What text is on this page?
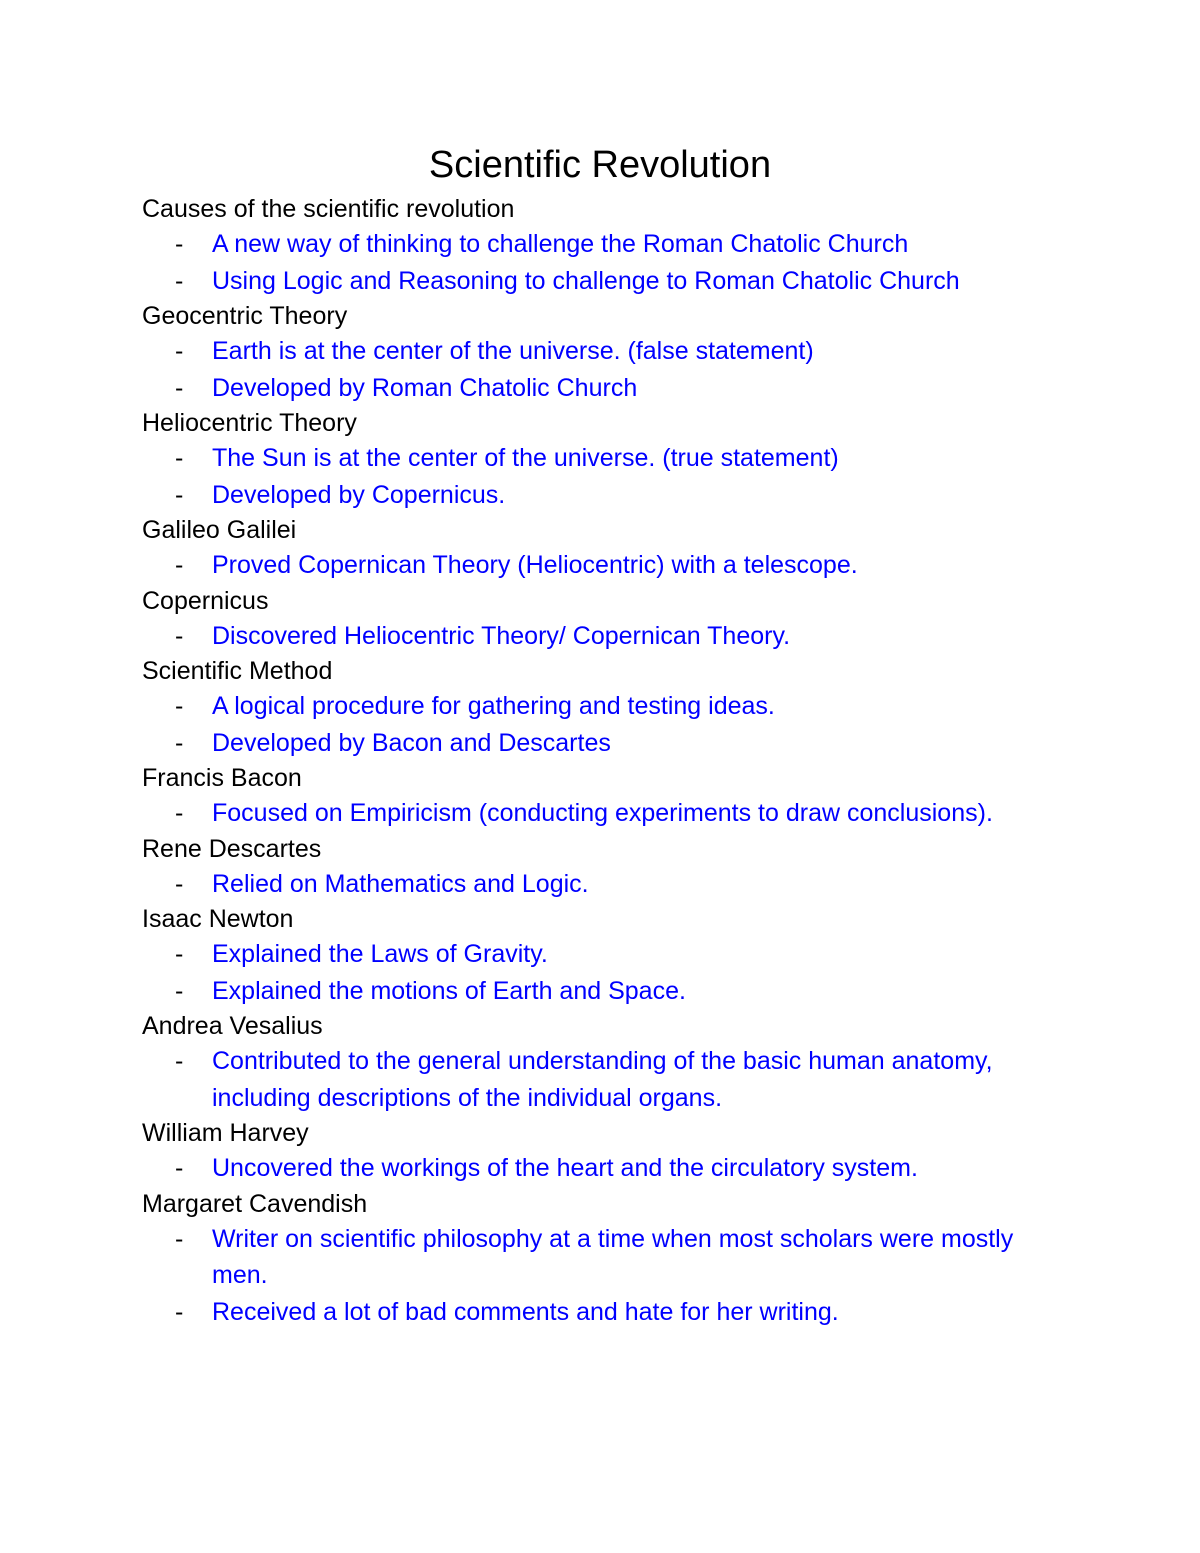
Scientific Revolution
Causes of the scientific revolution
- A new way of thinking to challenge the Roman Chatolic Church
- Using Logic and Reasoning to challenge to Roman Chatolic Church
Geocentric Theory
- Earth is at the center of the universe. (false statement)
- Developed by Roman Chatolic Church
Heliocentric Theory
- The Sun is at the center of the universe. (true statement)
- Developed by Copernicus.
Galileo Galilei
- Proved Copernican Theory (Heliocentric) with a telescope.
Copernicus
- Discovered Heliocentric Theory/ Copernican Theory.
Scientific Method
- A logical procedure for gathering and testing ideas.
- Developed by Bacon and Descartes
Francis Bacon
- Focused on Empiricism (conducting experiments to draw conclusions).
Rene Descartes
- Relied on Mathematics and Logic.
Isaac Newton
- Explained the Laws of Gravity.
- Explained the motions of Earth and Space.
Andrea Vesalius
- Contributed to the general understanding of the basic human anatomy, including descriptions of the individual organs.
William Harvey
- Uncovered the workings of the heart and the circulatory system.
Margaret Cavendish
- Writer on scientific philosophy at a time when most scholars were mostly men.
- Received a lot of bad comments and hate for her writing.
